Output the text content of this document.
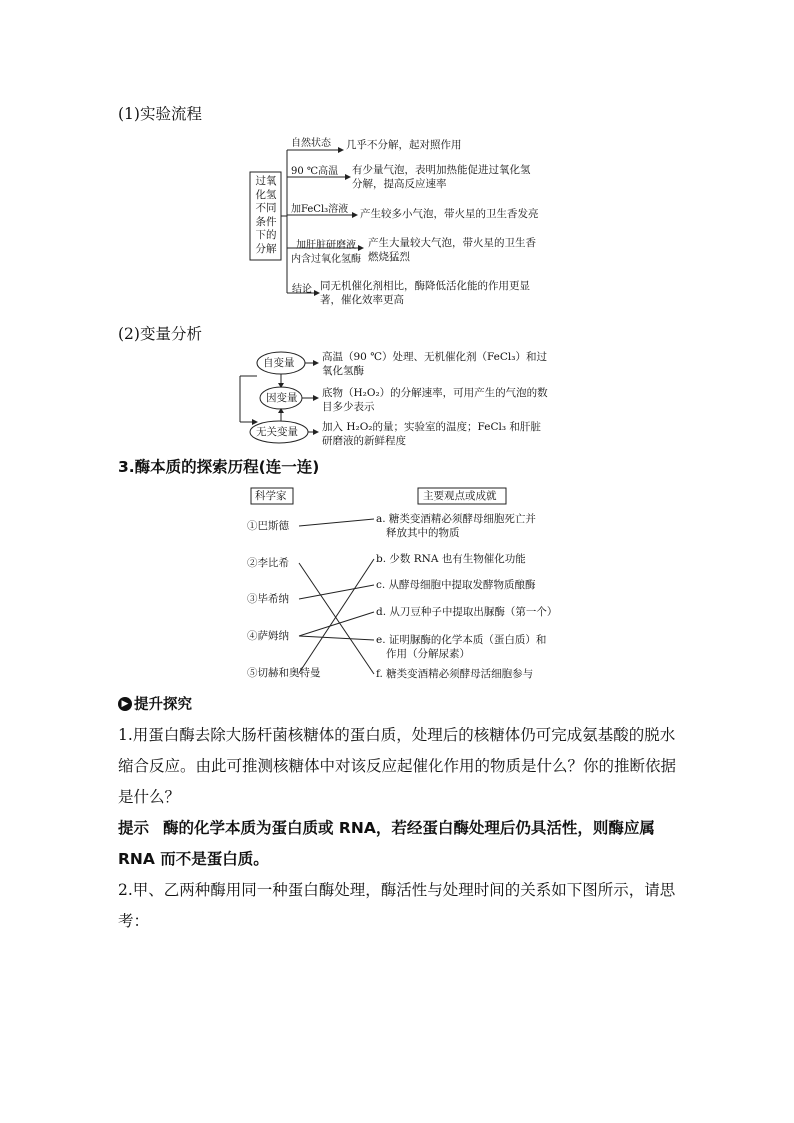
(1)实验流程
过氧化氢不同条件下的分解
自然状态 几乎不分解，起对照作用
90 ℃高温 有少量气泡，表明加热能促进过氧化氢
分解，提高反应速率
加FeCl₃溶液 产生较多小气泡，带火星的卫生香发亮
加肝脏研磨液
内含过氧化氢酶
产生大量较大气泡，带火星的卫生香
燃烧猛烈
结论 同无机催化剂相比，酶降低活化能的作用更显
著，催化效率更高
(2)变量分析
自变量
因变量
无关变量
高温（90 ℃）处理、无机催化剂（FeCl₃）和过
氧化氢酶
底物（H₂O₂）的分解速率，可用产生的气泡的数
目多少表示
加入 H₂O₂的量；实验室的温度；FeCl₃ 和肝脏
研磨液的新鲜程度
3.酶本质的探索历程(连一连)
科学家	主要观点或成就
①巴斯德
②李比希
③毕希纳
④萨姆纳
⑤切赫和奥特曼
a. 糖类变酒精必须酵母细胞死亡并
释放其中的物质
b. 少数 RNA 也有生物催化功能
c. 从酵母细胞中提取发酵物质酿酶
d. 从刀豆种子中提取出脲酶（第一个）
e. 证明脲酶的化学本质（蛋白质）和
作用（分解尿素）
f. 糖类变酒精必须酵母活细胞参与
▶ 提升探究
1.用蛋白酶去除大肠杆菌核糖体的蛋白质，处理后的核糖体仍可完成氨基酸的脱水缩合反应。由此可推测核糖体中对该反应起催化作用的物质是什么？你的推断依据是什么？
提示 酶的化学本质为蛋白质或 RNA，若经蛋白酶处理后仍具活性，则酶应属 RNA 而不是蛋白质。
2.甲、乙两种酶用同一种蛋白酶处理，酶活性与处理时间的关系如下图所示，请思考：
